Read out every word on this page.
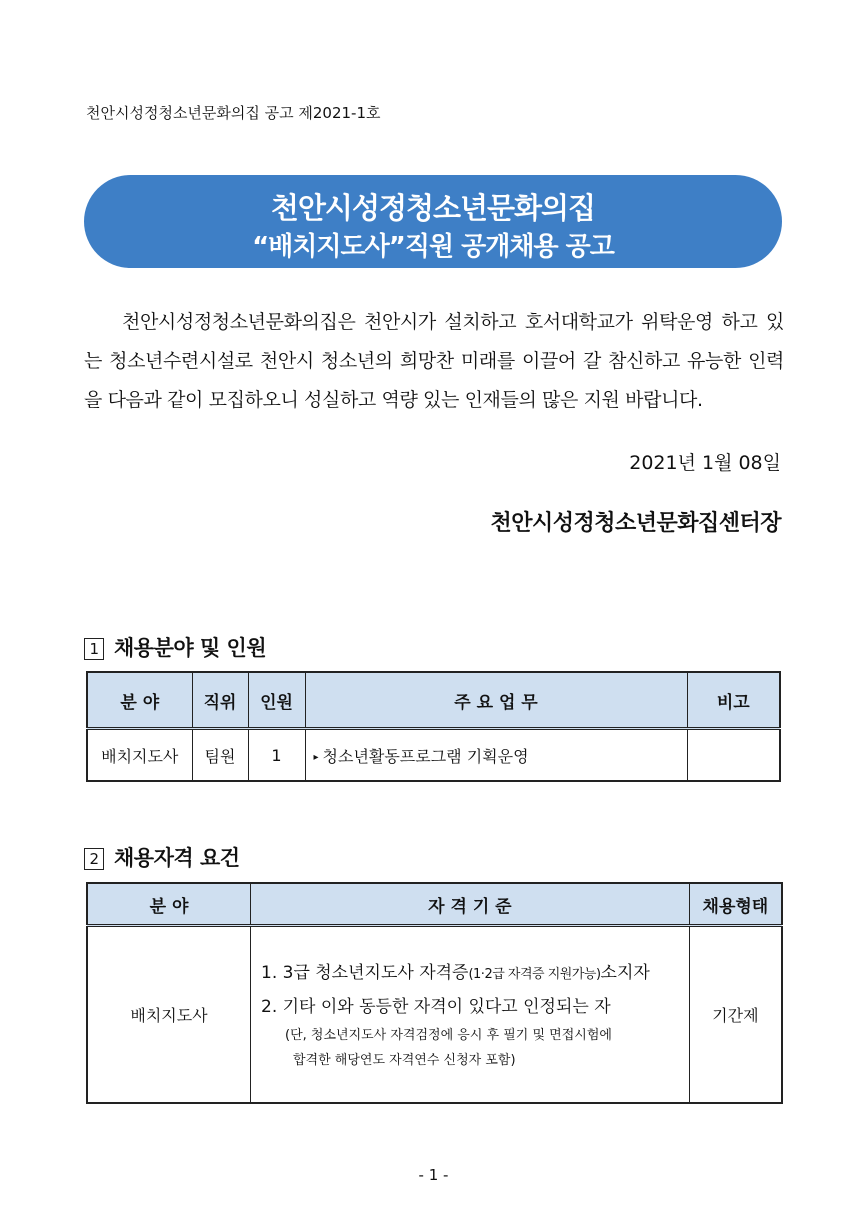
천안시성정청소년문화의집 공고 제2021-1호
천안시성정청소년문화의집
“배치지도사”직원 공개채용 공고
천안시성정청소년문화의집은 천안시가 설치하고 호서대학교가 위탁운영 하고 있는 청소년수련시설로 천안시 청소년의 희망찬 미래를 이끌어 갈 참신하고 유능한 인력을 다음과 같이 모집하오니 성실하고 역량 있는 인재들의 많은 지원 바랍니다.
2021년 1월 08일
천안시성정청소년문화집센터장
1 채용분야 및 인원
분 야	직위	인원	주 요 업 무	비고
배치지도사	팀원	1	▸ 청소년활동프로그램 기획운영	
2 채용자격 요건
분 야	자 격 기 준	채용형태
배치지도사	1. 3급 청소년지도사 자격증(1·2급 자격증 지원가능)소지자
2. 기타 이와 동등한 자격이 있다고 인정되는 자
(단, 청소년지도사 자격검정에 응시 후 필기 및 면접시험에
합격한 해당연도 자격연수 신청자 포함)	기간제
- 1 -
